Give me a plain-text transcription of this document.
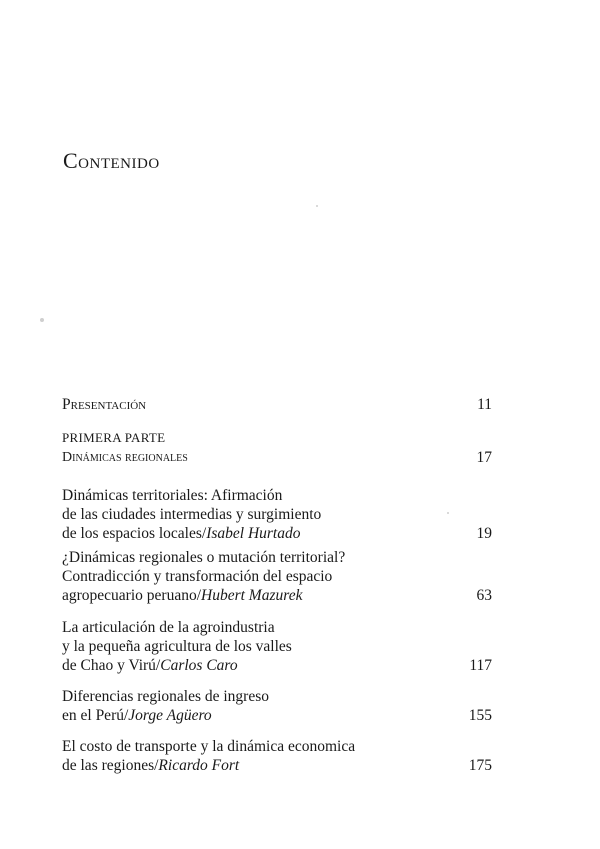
Contenido
Presentación	11
PRIMERA PARTE
Dinámicas regionales	17
Dinámicas territoriales: Afirmación
de las ciudades intermedias y surgimiento
de los espacios locales/Isabel Hurtado	19
¿Dinámicas regionales o mutación territorial?
Contradicción y transformación del espacio
agropecuario peruano/Hubert Mazurek	63
La articulación de la agroindustria
y la pequeña agricultura de los valles
de Chao y Virú/Carlos Caro	117
Diferencias regionales de ingreso
en el Perú/Jorge Agüero	155
El costo de transporte y la dinámica economica
de las regiones/Ricardo Fort	175
